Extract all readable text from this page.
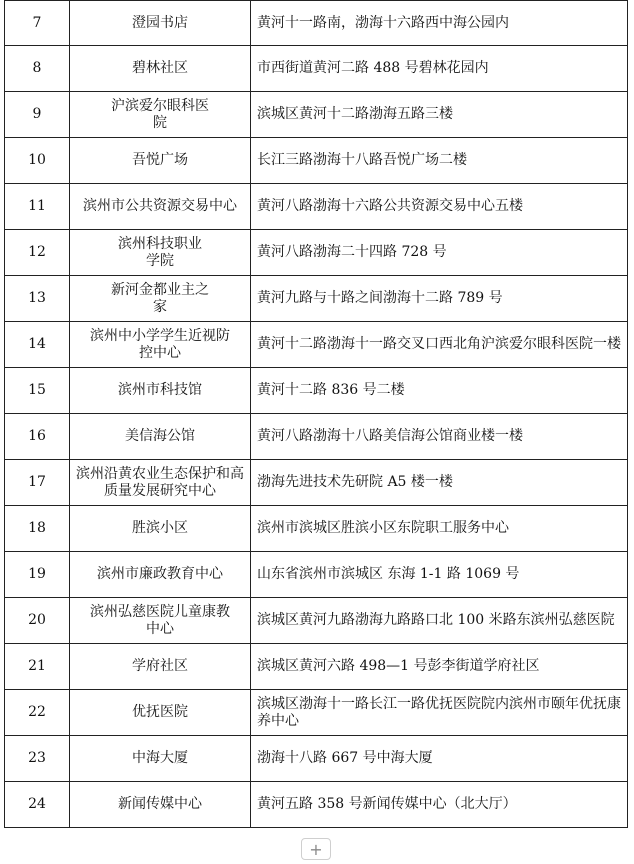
7	澄园书店	黄河十一路南，渤海十六路西中海公园内
8	碧林社区	市西街道黄河二路 488 号碧林花园内
9	沪滨爱尔眼科医院	滨城区黄河十二路渤海五路三楼
10	吾悦广场	长江三路渤海十八路吾悦广场二楼
11	滨州市公共资源交易中心	黄河八路渤海十六路公共资源交易中心五楼
12	滨州科技职业学院	黄河八路渤海二十四路 728 号
13	新河金都业主之家	黄河九路与十路之间渤海十二路 789 号
14	滨州中小学学生近视防控中心	黄河十二路渤海十一路交叉口西北角沪滨爱尔眼科医院一楼
15	滨州市科技馆	黄河十二路 836 号二楼
16	美信海公馆	黄河八路渤海十八路美信海公馆商业楼一楼
17	滨州沿黄农业生态保护和高质量发展研究中心	渤海先进技术先研院 A5 楼一楼
18	胜滨小区	滨州市滨城区胜滨小区东院职工服务中心
19	滨州市廉政教育中心	山东省滨州市滨城区 东海 1-1 路 1069 号
20	滨州弘慈医院儿童康教中心	滨城区黄河九路渤海九路路口北 100 米路东滨州弘慈医院
21	学府社区	滨城区黄河六路 498—1 号彭李街道学府社区
22	优抚医院	滨城区渤海十一路长江一路优抚医院院内滨州市颐年优抚康养中心
23	中海大厦	渤海十八路 667 号中海大厦
24	新闻传媒中心	黄河五路 358 号新闻传媒中心（北大厅）
+
